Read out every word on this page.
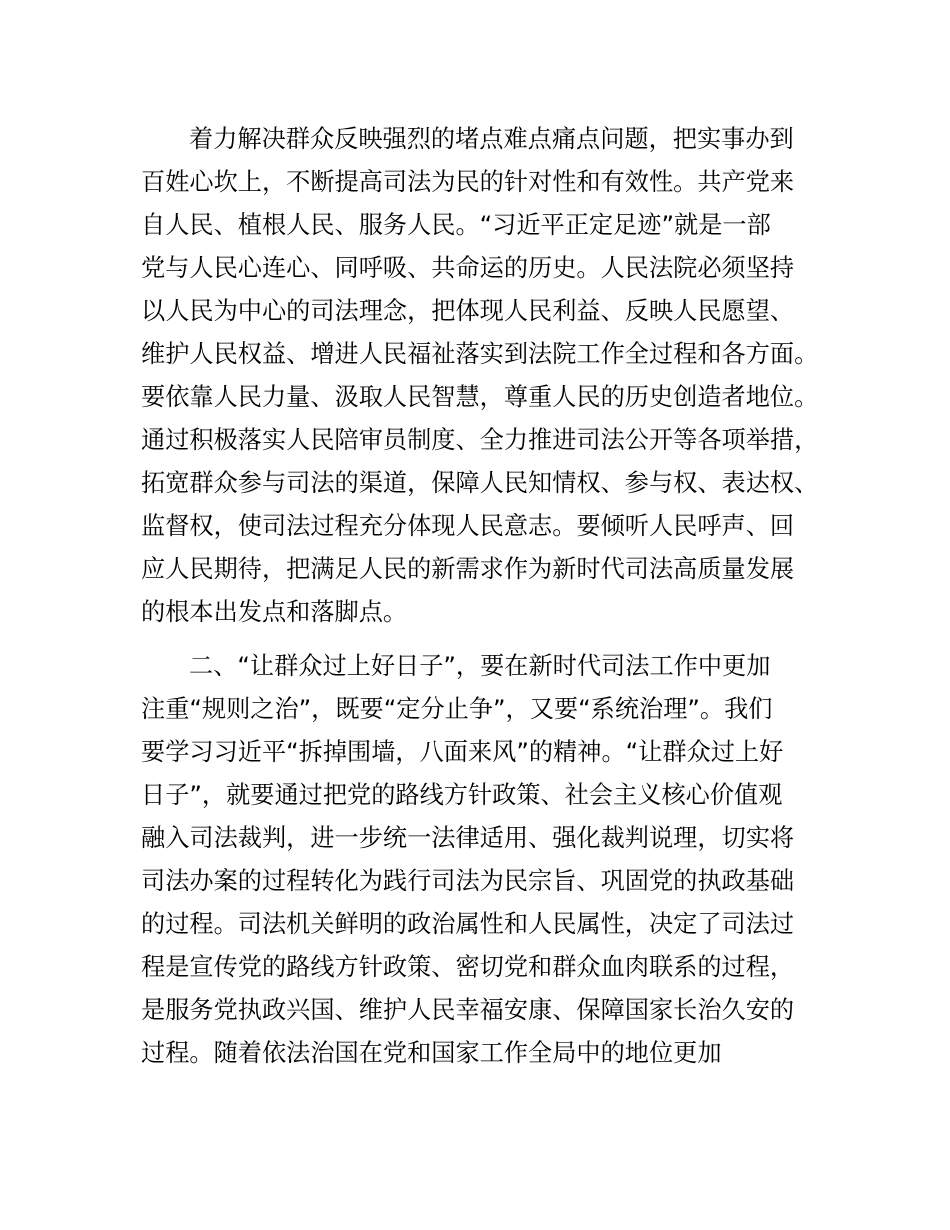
着力解决群众反映强烈的堵点难点痛点问题，把实事办到
百姓心坎上，不断提高司法为民的针对性和有效性。共产党来
自人民、植根人民、服务人民。“习近平正定足迹”就是一部
党与人民心连心、同呼吸、共命运的历史。人民法院必须坚持
以人民为中心的司法理念，把体现人民利益、反映人民愿望、
维护人民权益、增进人民福祉落实到法院工作全过程和各方面。
要依靠人民力量、汲取人民智慧，尊重人民的历史创造者地位。
通过积极落实人民陪审员制度、全力推进司法公开等各项举措，
拓宽群众参与司法的渠道，保障人民知情权、参与权、表达权、
监督权，使司法过程充分体现人民意志。要倾听人民呼声、回
应人民期待，把满足人民的新需求作为新时代司法高质量发展
的根本出发点和落脚点。
二、“让群众过上好日子”，要在新时代司法工作中更加
注重“规则之治”，既要“定分止争”，又要“系统治理”。我们
要学习习近平“拆掉围墙，八面来风”的精神。“让群众过上好
日子”，就要通过把党的路线方针政策、社会主义核心价值观
融入司法裁判，进一步统一法律适用、强化裁判说理，切实将
司法办案的过程转化为践行司法为民宗旨、巩固党的执政基础
的过程。司法机关鲜明的政治属性和人民属性，决定了司法过
程是宣传党的路线方针政策、密切党和群众血肉联系的过程，
是服务党执政兴国、维护人民幸福安康、保障国家长治久安的
过程。随着依法治国在党和国家工作全局中的地位更加
